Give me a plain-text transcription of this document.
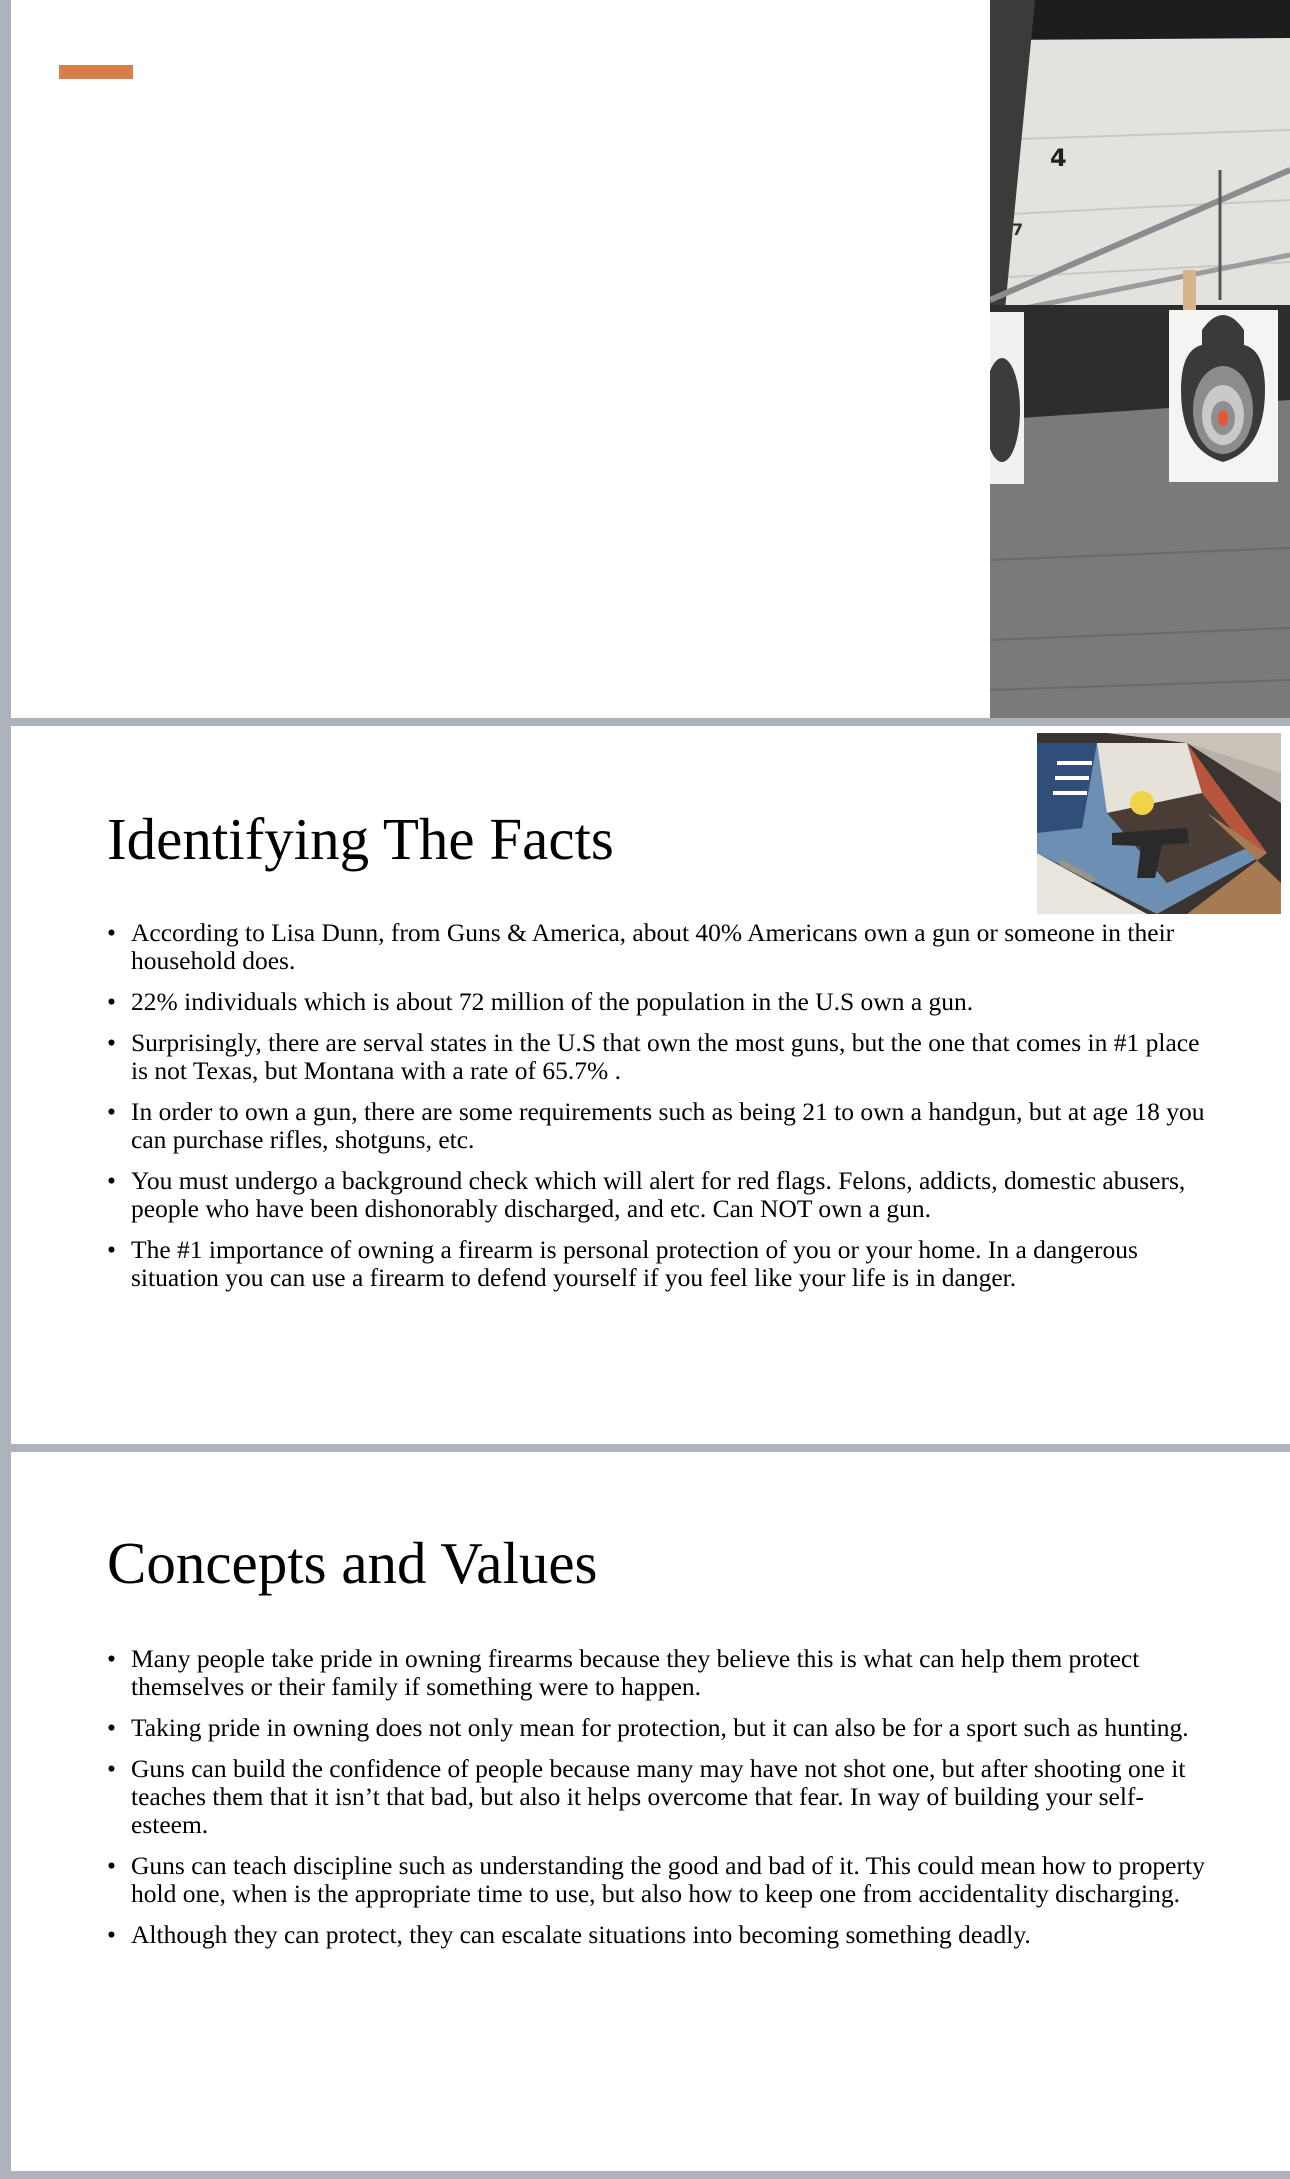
4
7
Identifying The Facts
• According to Lisa Dunn, from Guns & America, about 40% Americans own a gun or someone in their household does.
• 22% individuals which is about 72 million of the population in the U.S own a gun.
• Surprisingly, there are serval states in the U.S that own the most guns, but the one that comes in #1 place is not Texas, but Montana with a rate of 65.7% .
• In order to own a gun, there are some requirements such as being 21 to own a handgun, but at age 18 you can purchase rifles, shotguns, etc.
• You must undergo a background check which will alert for red flags. Felons, addicts, domestic abusers, people who have been dishonorably discharged, and etc. Can NOT own a gun.
• The #1 importance of owning a firearm is personal protection of you or your home. In a dangerous situation you can use a firearm to defend yourself if you feel like your life is in danger.
Concepts and Values
• Many people take pride in owning firearms because they believe this is what can help them protect themselves or their family if something were to happen.
• Taking pride in owning does not only mean for protection, but it can also be for a sport such as hunting.
• Guns can build the confidence of people because many may have not shot one, but after shooting one it teaches them that it isn’t that bad, but also it helps overcome that fear. In way of building your self-esteem.
• Guns can teach discipline such as understanding the good and bad of it. This could mean how to property hold one, when is the appropriate time to use, but also how to keep one from accidentality discharging.
• Although they can protect, they can escalate situations into becoming something deadly.
